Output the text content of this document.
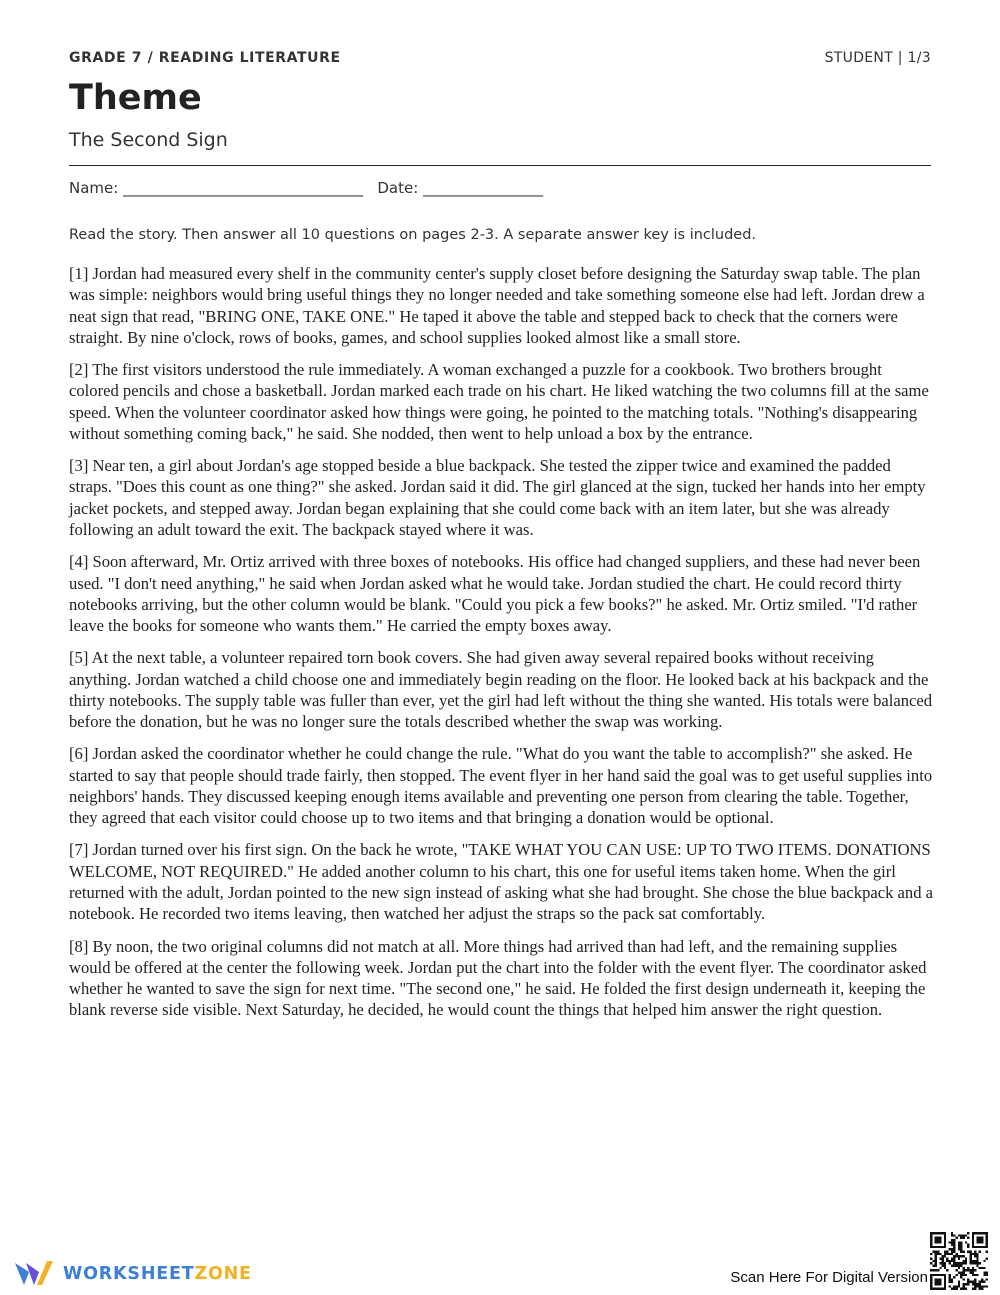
GRADE 7 / READING LITERATURE	STUDENT | 1/3
Theme
The Second Sign
Name: ________________________________   Date: ________________
Read the story. Then answer all 10 questions on pages 2-3. A separate answer key is included.

[1] Jordan had measured every shelf in the community center's supply closet before designing the Saturday swap table. The plan was simple: neighbors would bring useful things they no longer needed and take something someone else had left. Jordan drew a neat sign that read, "BRING ONE, TAKE ONE." He taped it above the table and stepped back to check that the corners were straight. By nine o'clock, rows of books, games, and school supplies looked almost like a small store.

[2] The first visitors understood the rule immediately. A woman exchanged a puzzle for a cookbook. Two brothers brought colored pencils and chose a basketball. Jordan marked each trade on his chart. He liked watching the two columns fill at the same speed. When the volunteer coordinator asked how things were going, he pointed to the matching totals. "Nothing's disappearing without something coming back," he said. She nodded, then went to help unload a box by the entrance.

[3] Near ten, a girl about Jordan's age stopped beside a blue backpack. She tested the zipper twice and examined the padded straps. "Does this count as one thing?" she asked. Jordan said it did. The girl glanced at the sign, tucked her hands into her empty jacket pockets, and stepped away. Jordan began explaining that she could come back with an item later, but she was already following an adult toward the exit. The backpack stayed where it was.

[4] Soon afterward, Mr. Ortiz arrived with three boxes of notebooks. His office had changed suppliers, and these had never been used. "I don't need anything," he said when Jordan asked what he would take. Jordan studied the chart. He could record thirty notebooks arriving, but the other column would be blank. "Could you pick a few books?" he asked. Mr. Ortiz smiled. "I'd rather leave the books for someone who wants them." He carried the empty boxes away.

[5] At the next table, a volunteer repaired torn book covers. She had given away several repaired books without receiving anything. Jordan watched a child choose one and immediately begin reading on the floor. He looked back at his backpack and the thirty notebooks. The supply table was fuller than ever, yet the girl had left without the thing she wanted. His totals were balanced before the donation, but he was no longer sure the totals described whether the swap was working.

[6] Jordan asked the coordinator whether he could change the rule. "What do you want the table to accomplish?" she asked. He started to say that people should trade fairly, then stopped. The event flyer in her hand said the goal was to get useful supplies into neighbors' hands. They discussed keeping enough items available and preventing one person from clearing the table. Together, they agreed that each visitor could choose up to two items and that bringing a donation would be optional.

[7] Jordan turned over his first sign. On the back he wrote, "TAKE WHAT YOU CAN USE: UP TO TWO ITEMS. DONATIONS WELCOME, NOT REQUIRED." He added another column to his chart, this one for useful items taken home. When the girl returned with the adult, Jordan pointed to the new sign instead of asking what she had brought. She chose the blue backpack and a notebook. He recorded two items leaving, then watched her adjust the straps so the pack sat comfortably.

[8] By noon, the two original columns did not match at all. More things had arrived than had left, and the remaining supplies would be offered at the center the following week. Jordan put the chart into the folder with the event flyer. The coordinator asked whether he wanted to save the sign for next time. "The second one," he said. He folded the first design underneath it, keeping the blank reverse side visible. Next Saturday, he decided, he would count the things that helped him answer the right question.

WORKSHEETZONE	Scan Here For Digital Version
